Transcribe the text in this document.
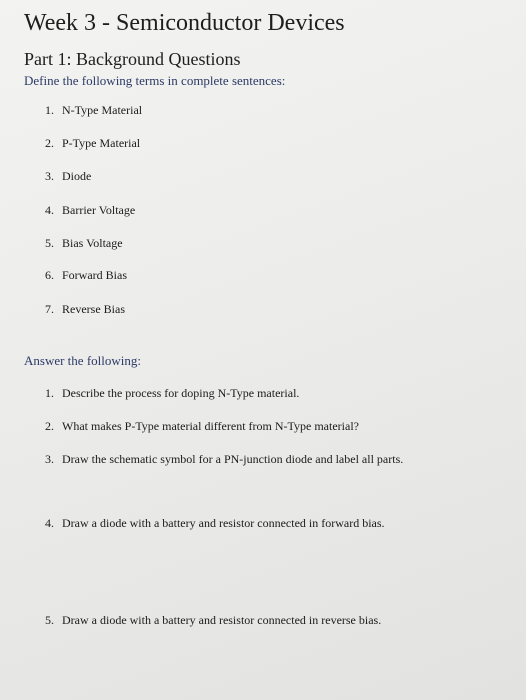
Week 3 - Semiconductor Devices
Part 1: Background Questions
Define the following terms in complete sentences:
1. N-Type Material
2. P-Type Material
3. Diode
4. Barrier Voltage
5. Bias Voltage
6. Forward Bias
7. Reverse Bias
Answer the following:
1. Describe the process for doping N-Type material.
2. What makes P-Type material different from N-Type material?
3. Draw the schematic symbol for a PN-junction diode and label all parts.
4. Draw a diode with a battery and resistor connected in forward bias.
5. Draw a diode with a battery and resistor connected in reverse bias.
